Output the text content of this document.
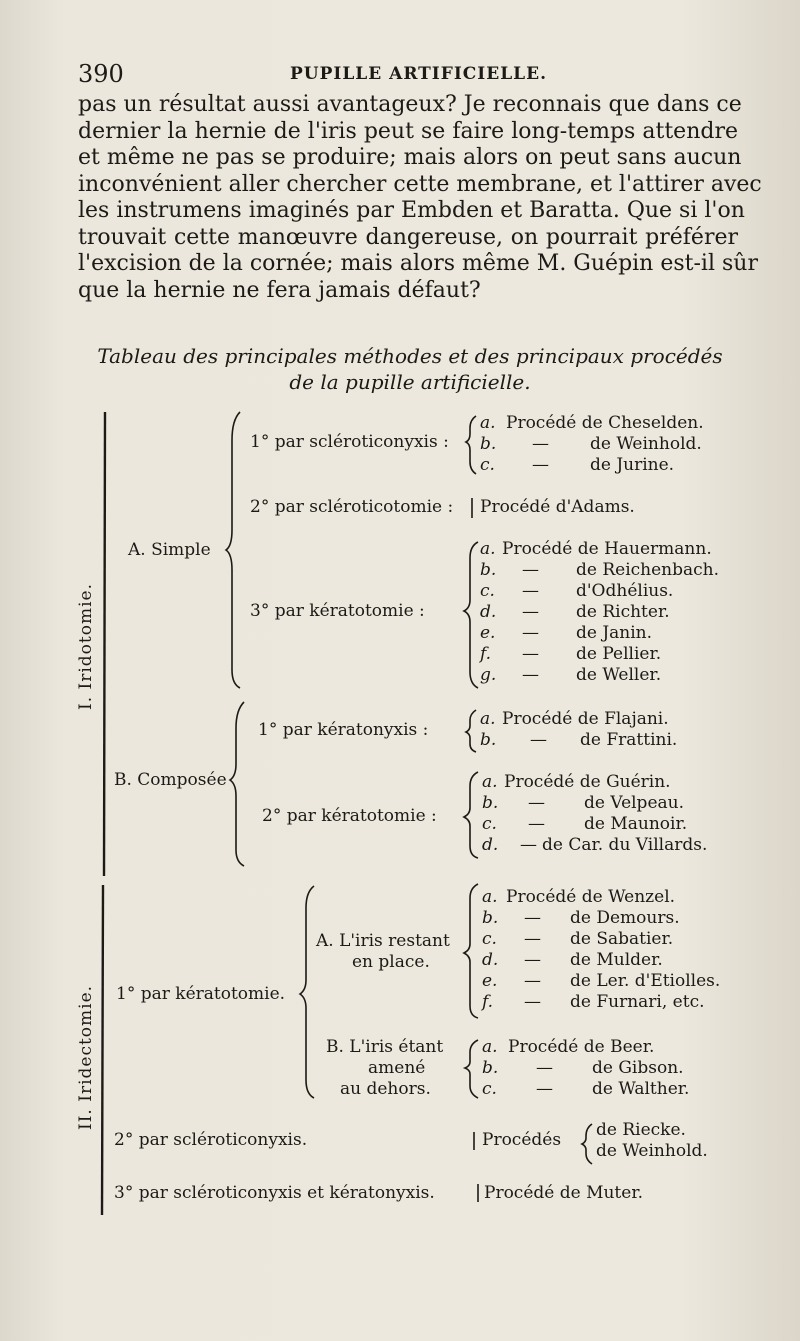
390	PUPILLE ARTIFICIELLE.
pas un résultat aussi avantageux? Je reconnais que dans ce
dernier la hernie de l'iris peut se faire long-temps attendre
et même ne pas se produire; mais alors on peut sans aucun
inconvénient aller chercher cette membrane, et l'attirer avec
les instrumens imaginés par Embden et Baratta. Que si l'on
trouvait cette manœuvre dangereuse, on pourrait préférer
l'excision de la cornée; mais alors même M. Guépin est-il sûr
que la hernie ne fera jamais défaut?
Tableau des principales méthodes et des principaux procédés
de la pupille artificielle.
I. Iridotomie.
II. Iridectomie.
A. Simple
1° par scléroticonyxis :
a. Procédé de Cheselden.
b. — de Weinhold.
c. — de Jurine.
2° par scléroticotomie : Procédé d'Adams.
3° par kératotomie :
a. Procédé de Hauermann.
b. — de Reichenbach.
c. — d'Odhélius.
d. — de Richter.
e. — de Janin.
f. — de Pellier.
g. — de Weller.
B. Composée
1° par kératonyxis :
a. Procédé de Flajani.
b. — de Frattini.
2° par kératotomie :
a. Procédé de Guérin.
b. — de Velpeau.
c. — de Maunoir.
d. — de Car. du Villards.
1° par kératotomie.
A. L'iris restant
en place.
a. Procédé de Wenzel.
b. — de Demours.
c. — de Sabatier.
d. — de Mulder.
e. — de Ler. d'Etiolles.
f. — de Furnari, etc.
B. L'iris étant
amené
au dehors.
a. Procédé de Beer.
b. — de Gibson.
c. — de Walther.
2° par scléroticonyxis.	Procédés de Riecke.
de Weinhold.
3° par scléroticonyxis et kératonyxis.	Procédé de Muter.
